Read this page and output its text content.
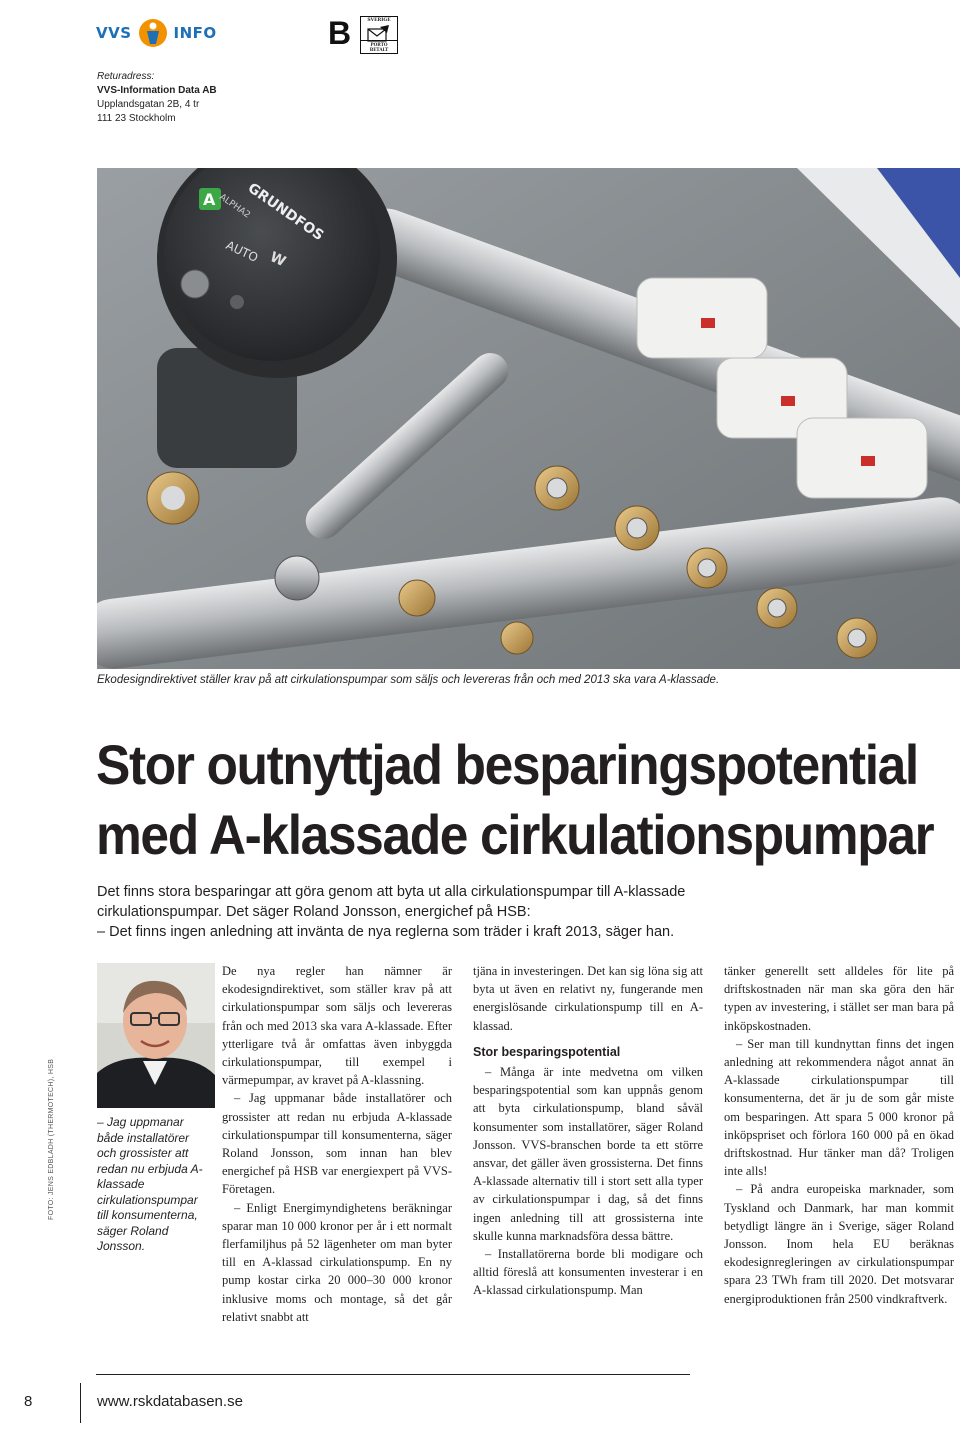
VVS	INFO	B	SVERIGE
PORTO BETALT
Returadress:
VVS-Information Data AB
Upplandsgatan 2B, 4 tr
111 23 Stockholm
A GRUNDFOS
ALPHA2
AUTO W
Ekodesigndirektivet ställer krav på att cirkulationspumpar som säljs och levereras från och med 2013 ska vara A-klassade.
Stor outnyttjad besparingspotential
med A-klassade cirkulationspumpar
Det finns stora besparingar att göra genom att byta ut alla cirkulationspumpar till A-klassade
cirkulationspumpar. Det säger Roland Jonsson, energichef på HSB:
– Det finns ingen anledning att invänta de nya reglerna som träder i kraft 2013, säger han.
FOTO: JENS EDBLADH (THERMOTECH), HSB	– Jag uppmanar både installatörer och grossister att redan nu erbjuda A-klassade cirkulationspumpar till konsumenterna, säger Roland Jonsson.

De nya regler han nämner är ekodesigndirektivet, som ställer krav på att cirkulationspumpar som säljs och levereras från och med 2013 ska vara A-klassade. Efter ytterligare två år omfattas även inbyggda cirkulationspumpar, till exempel i värmepumpar, av kravet på A-klassning.

– Jag uppmanar både installatörer och grossister att redan nu erbjuda A-klassade cirkulationspumpar till konsumenterna, säger Roland Jonsson, som innan han blev energichef på HSB var energiexpert på VVS-Företagen.

– Enligt Energimyndighetens beräkningar sparar man 10 000 kronor per år i ett normalt flerfamiljhus på 52 lägenheter om man byter till en A-klassad cirkulationspump. En ny pump kostar cirka 20 000–30 000 kronor inklusive moms och montage, så det går relativt snabbt att

tjäna in investeringen. Det kan sig löna sig att byta ut även en relativt ny, fungerande men energislösande cirkulationspump till en A-klassad.

Stor besparingspotential

– Många är inte medvetna om vilken besparingspotential som kan uppnås genom att byta cirkulationspump, bland såväl konsumenter som installatörer, säger Roland Jonsson. VVS-branschen borde ta ett större ansvar, det gäller även grossisterna. Det finns A-klassade alternativ till i stort sett alla typer av cirkulationspumpar i dag, så det finns ingen anledning till att grossisterna inte skulle kunna marknadsföra dessa bättre.

– Installatörerna borde bli modigare och alltid föreslå att konsumenten investerar i en A-klassad cirkulationspump. Man

tänker generellt sett alldeles för lite på driftskostnaden när man ska göra den här typen av investering, i stället ser man bara på inköpskostnaden.

– Ser man till kundnyttan finns det ingen anledning att rekommendera något annat än A-klassade cirkulationspumpar till konsumenterna, det är ju de som går miste om besparingen. Att spara 5 000 kronor på inköpspriset och förlora 160 000 på en ökad driftskostnad. Hur tänker man då? Troligen inte alls!

– På andra europeiska marknader, som Tyskland och Danmark, har man kommit betydligt längre än i Sverige, säger Roland Jonsson. Inom hela EU beräknas ekodesignregleringen av cirkulationspumpar spara 23 TWh fram till 2020. Det motsvarar energiproduktionen från 2500 vindkraftverk.

8	www.rskdatabasen.se
